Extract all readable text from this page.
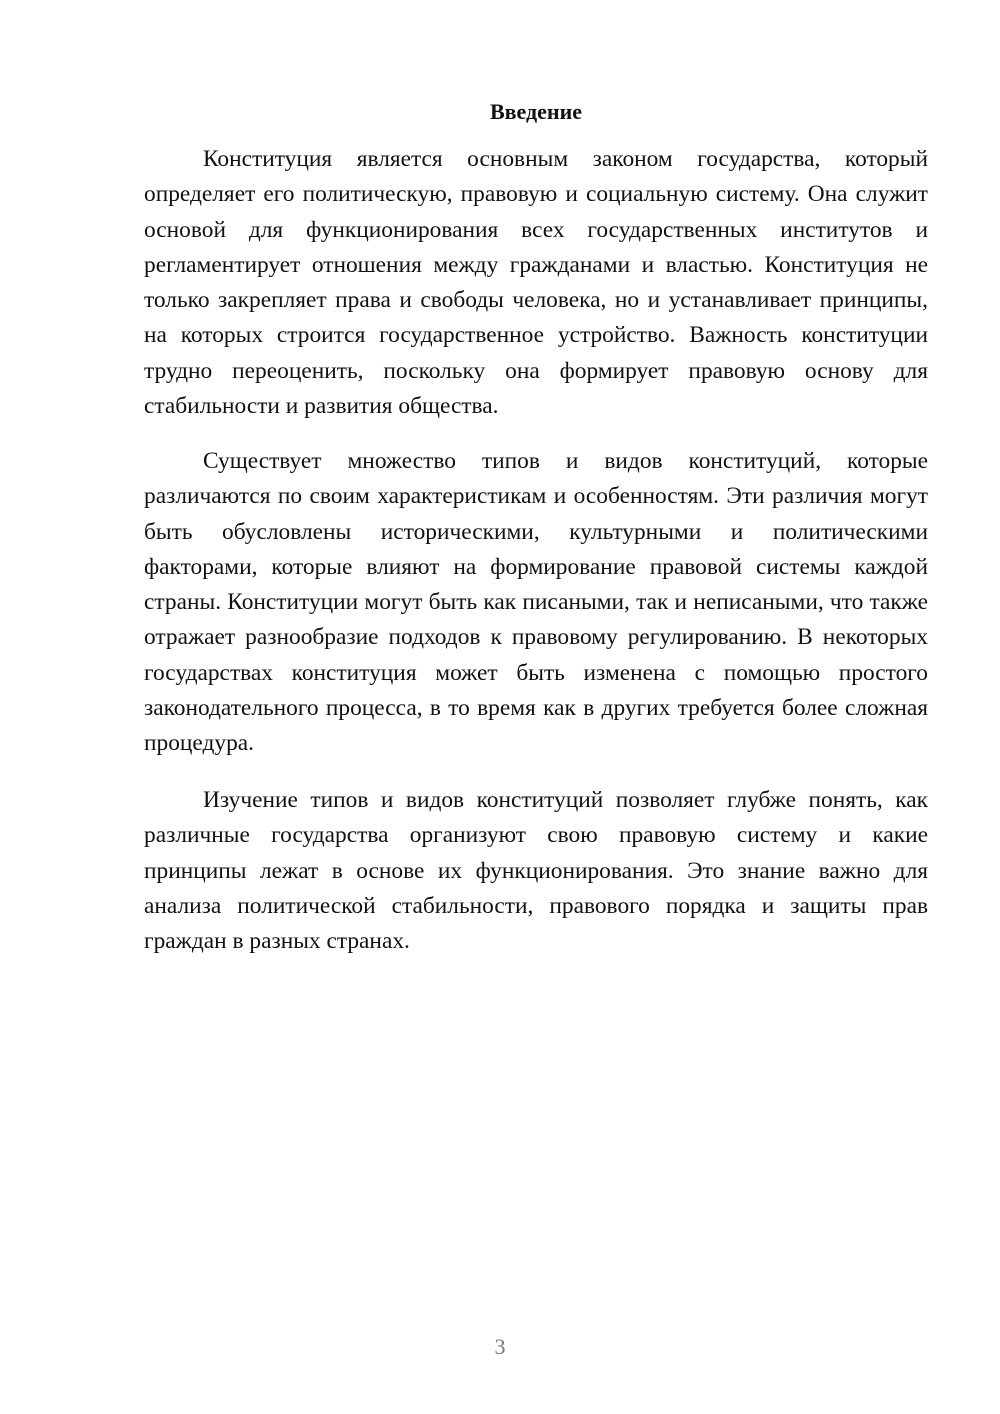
Введение

Конституция является основным законом государства, который определяет его политическую, правовую и социальную систему. Она служит основой для функционирования всех государственных институтов и регламентирует отношения между гражданами и властью. Конституция не только закрепляет права и свободы человека, но и устанавливает принципы, на которых строится государственное устройство. Важность конституции трудно переоценить, поскольку она формирует правовую основу для стабильности и развития общества.

Существует множество типов и видов конституций, которые различаются по своим характеристикам и особенностям. Эти различия могут быть обусловлены историческими, культурными и политическими факторами, которые влияют на формирование правовой системы каждой страны. Конституции могут быть как писаными, так и неписаными, что также отражает разнообразие подходов к правовому регулированию. В некоторых государствах конституция может быть изменена с помощью простого законодательного процесса, в то время как в других требуется более сложная процедура.

Изучение типов и видов конституций позволяет глубже понять, как различные государства организуют свою правовую систему и какие принципы лежат в основе их функционирования. Это знание важно для анализа политической стабильности, правового порядка и защиты прав граждан в разных странах.

3
